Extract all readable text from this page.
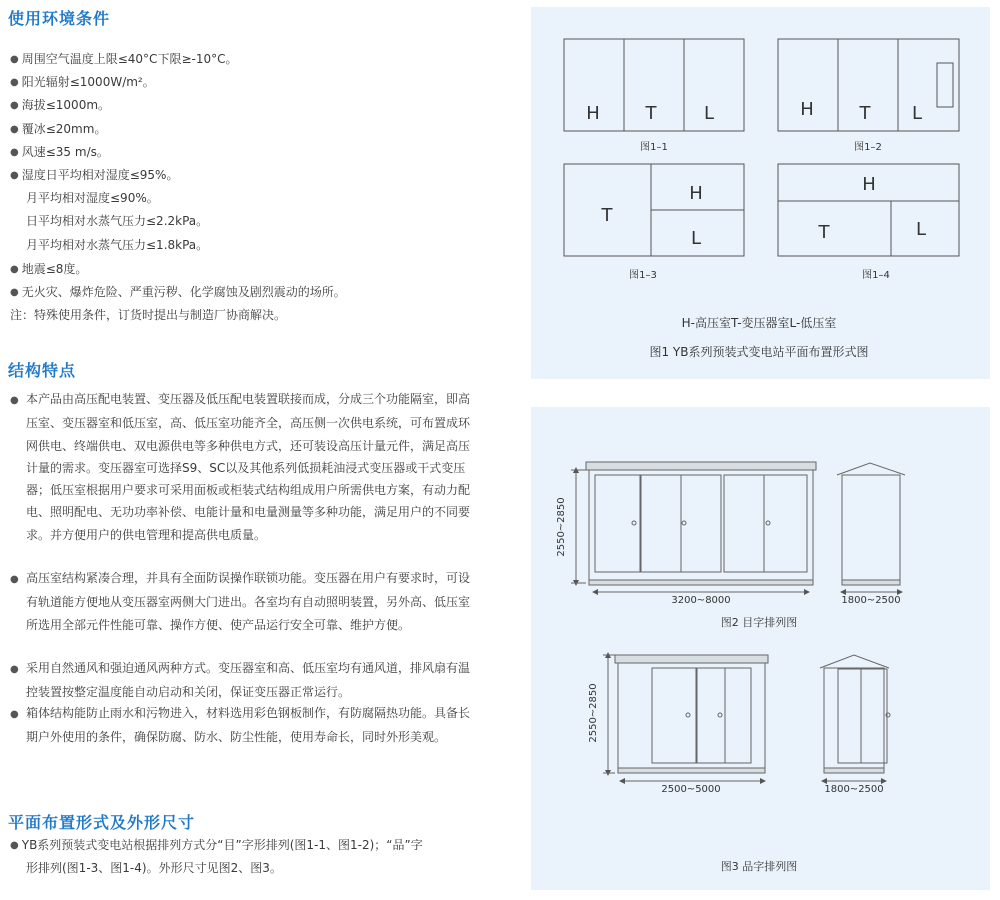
使用环境条件
● 周围空气温度上限≤40°C下限≥-10°C。
● 阳光辐射≤1000W/m²。
● 海拔≤1000m。
● 覆冰≤20mm。
● 风速≤35 m/s。
● 湿度日平均相对湿度≤95%。
月平均相对湿度≤90%。
日平均相对水蒸气压力≤2.2kPa。
月平均相对水蒸气压力≤1.8kPa。
● 地震≤8度。
● 无火灾、爆炸危险、严重污秽、化学腐蚀及剧烈震动的场所。
注：特殊使用条件，订货时提出与制造厂协商解决。
结构特点
● 本产品由高压配电装置、变压器及低压配电装置联接而成，分成三个功能隔室，即高压室、变压器室和低压室，高、低压室功能齐全，高压侧一次供电系统，可布置成环网供电、终端供电、双电源供电等多种供电方式，还可装设高压计量元件，满足高压计量的需求。变压器室可选择S9、SC以及其他系列低损耗油浸式变压器或干式变压器；低压室根据用户要求可采用面板或柜装式结构组成用户所需供电方案，有动力配电、照明配电、无功功率补偿、电能计量和电量测量等多种功能，满足用户的不同要求。并方便用户的供电管理和提高供电质量。
● 高压室结构紧凑合理，并具有全面防误操作联锁功能。变压器在用户有要求时，可设有轨道能方便地从变压器室两侧大门进出。各室均有自动照明装置，另外高、低压室所选用全部元件性能可靠、操作方便、使产品运行安全可靠、维护方便。
● 采用自然通风和强迫通风两种方式。变压器室和高、低压室均有通风道，排风扇有温控装置按整定温度能自动启动和关闭，保证变压器正常运行。
● 箱体结构能防止雨水和污物进入，材料选用彩色钢板制作，有防腐隔热功能。具备长期户外使用的条件，确保防腐、防水、防尘性能，使用寿命长，同时外形美观。
平面布置形式及外形尺寸
● YB系列预装式变电站根据排列方式分“目”字形排列(图1-1、图1-2)；“品”字
形排列(图1-3、图1-4)。外形尺寸见图2、图3。
H	T	L	H	T L
T
H
L
H
T	L
图1–1	图1–2
图1–3	图1–4
H-高压室T-变压器室L-低压室
图1 YB系列预装式变电站平面布置形式图
2550~2850
3200~8000	1800~2500
2550~2850
2500~5000	1800~2500
图2 目字排列图
图3 品字排列图
